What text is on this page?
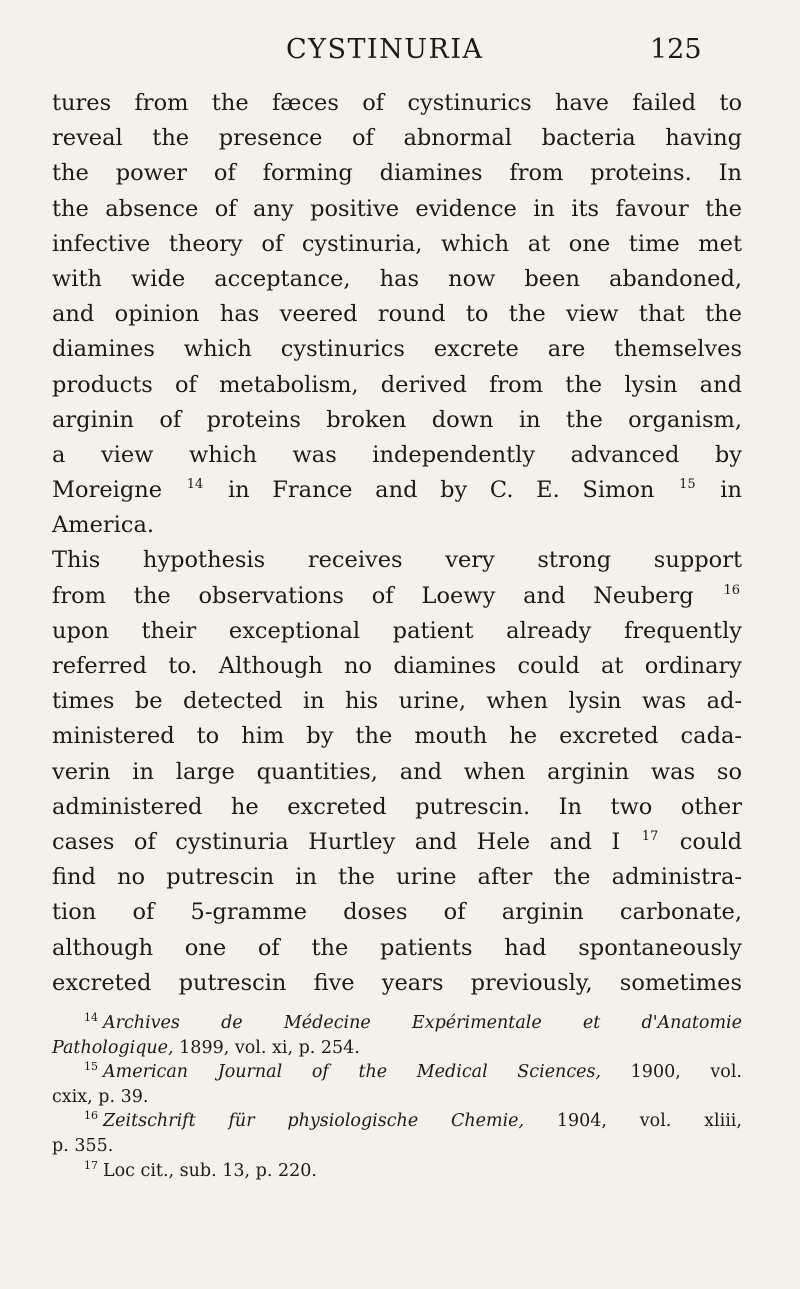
CYSTINURIA	125
tures from the fæces of cystinurics have failed to
reveal the presence of abnormal bacteria having
the power of forming diamines from proteins. In
the absence of any positive evidence in its favour the
infective theory of cystinuria, which at one time met
with wide acceptance, has now been abandoned,
and opinion has veered round to the view that the
diamines which cystinurics excrete are themselves
products of metabolism, derived from the lysin and
arginin of proteins broken down in the organism,
a view which was independently advanced by
Moreigne $^{14}$ in France and by C. E. Simon $^{15}$ in
America.
This hypothesis receives very strong support
from the observations of Loewy and Neuberg $^{16}$
upon their exceptional patient already frequently
referred to. Although no diamines could at ordinary
times be detected in his urine, when lysin was ad-
ministered to him by the mouth he excreted cada-
verin in large quantities, and when arginin was so
administered he excreted putrescin. In two other
cases of cystinuria Hurtley and Hele and I $^{17}$ could
find no putrescin in the urine after the administra-
tion of 5-gramme doses of arginin carbonate,
although one of the patients had spontaneously
excreted putrescin five years previously, sometimes
$^{14}$ Archives de Médecine Expérimentale et d'Anatomie
Pathologique, 1899, vol. xi, p. 254.
$^{15}$ American Journal of the Medical Sciences, 1900, vol.
cxix, p. 39.
$^{16}$ Zeitschrift für physiologische Chemie, 1904, vol. xliii,
p. 355.
$^{17}$ Loc cit., sub. 13, p. 220.
